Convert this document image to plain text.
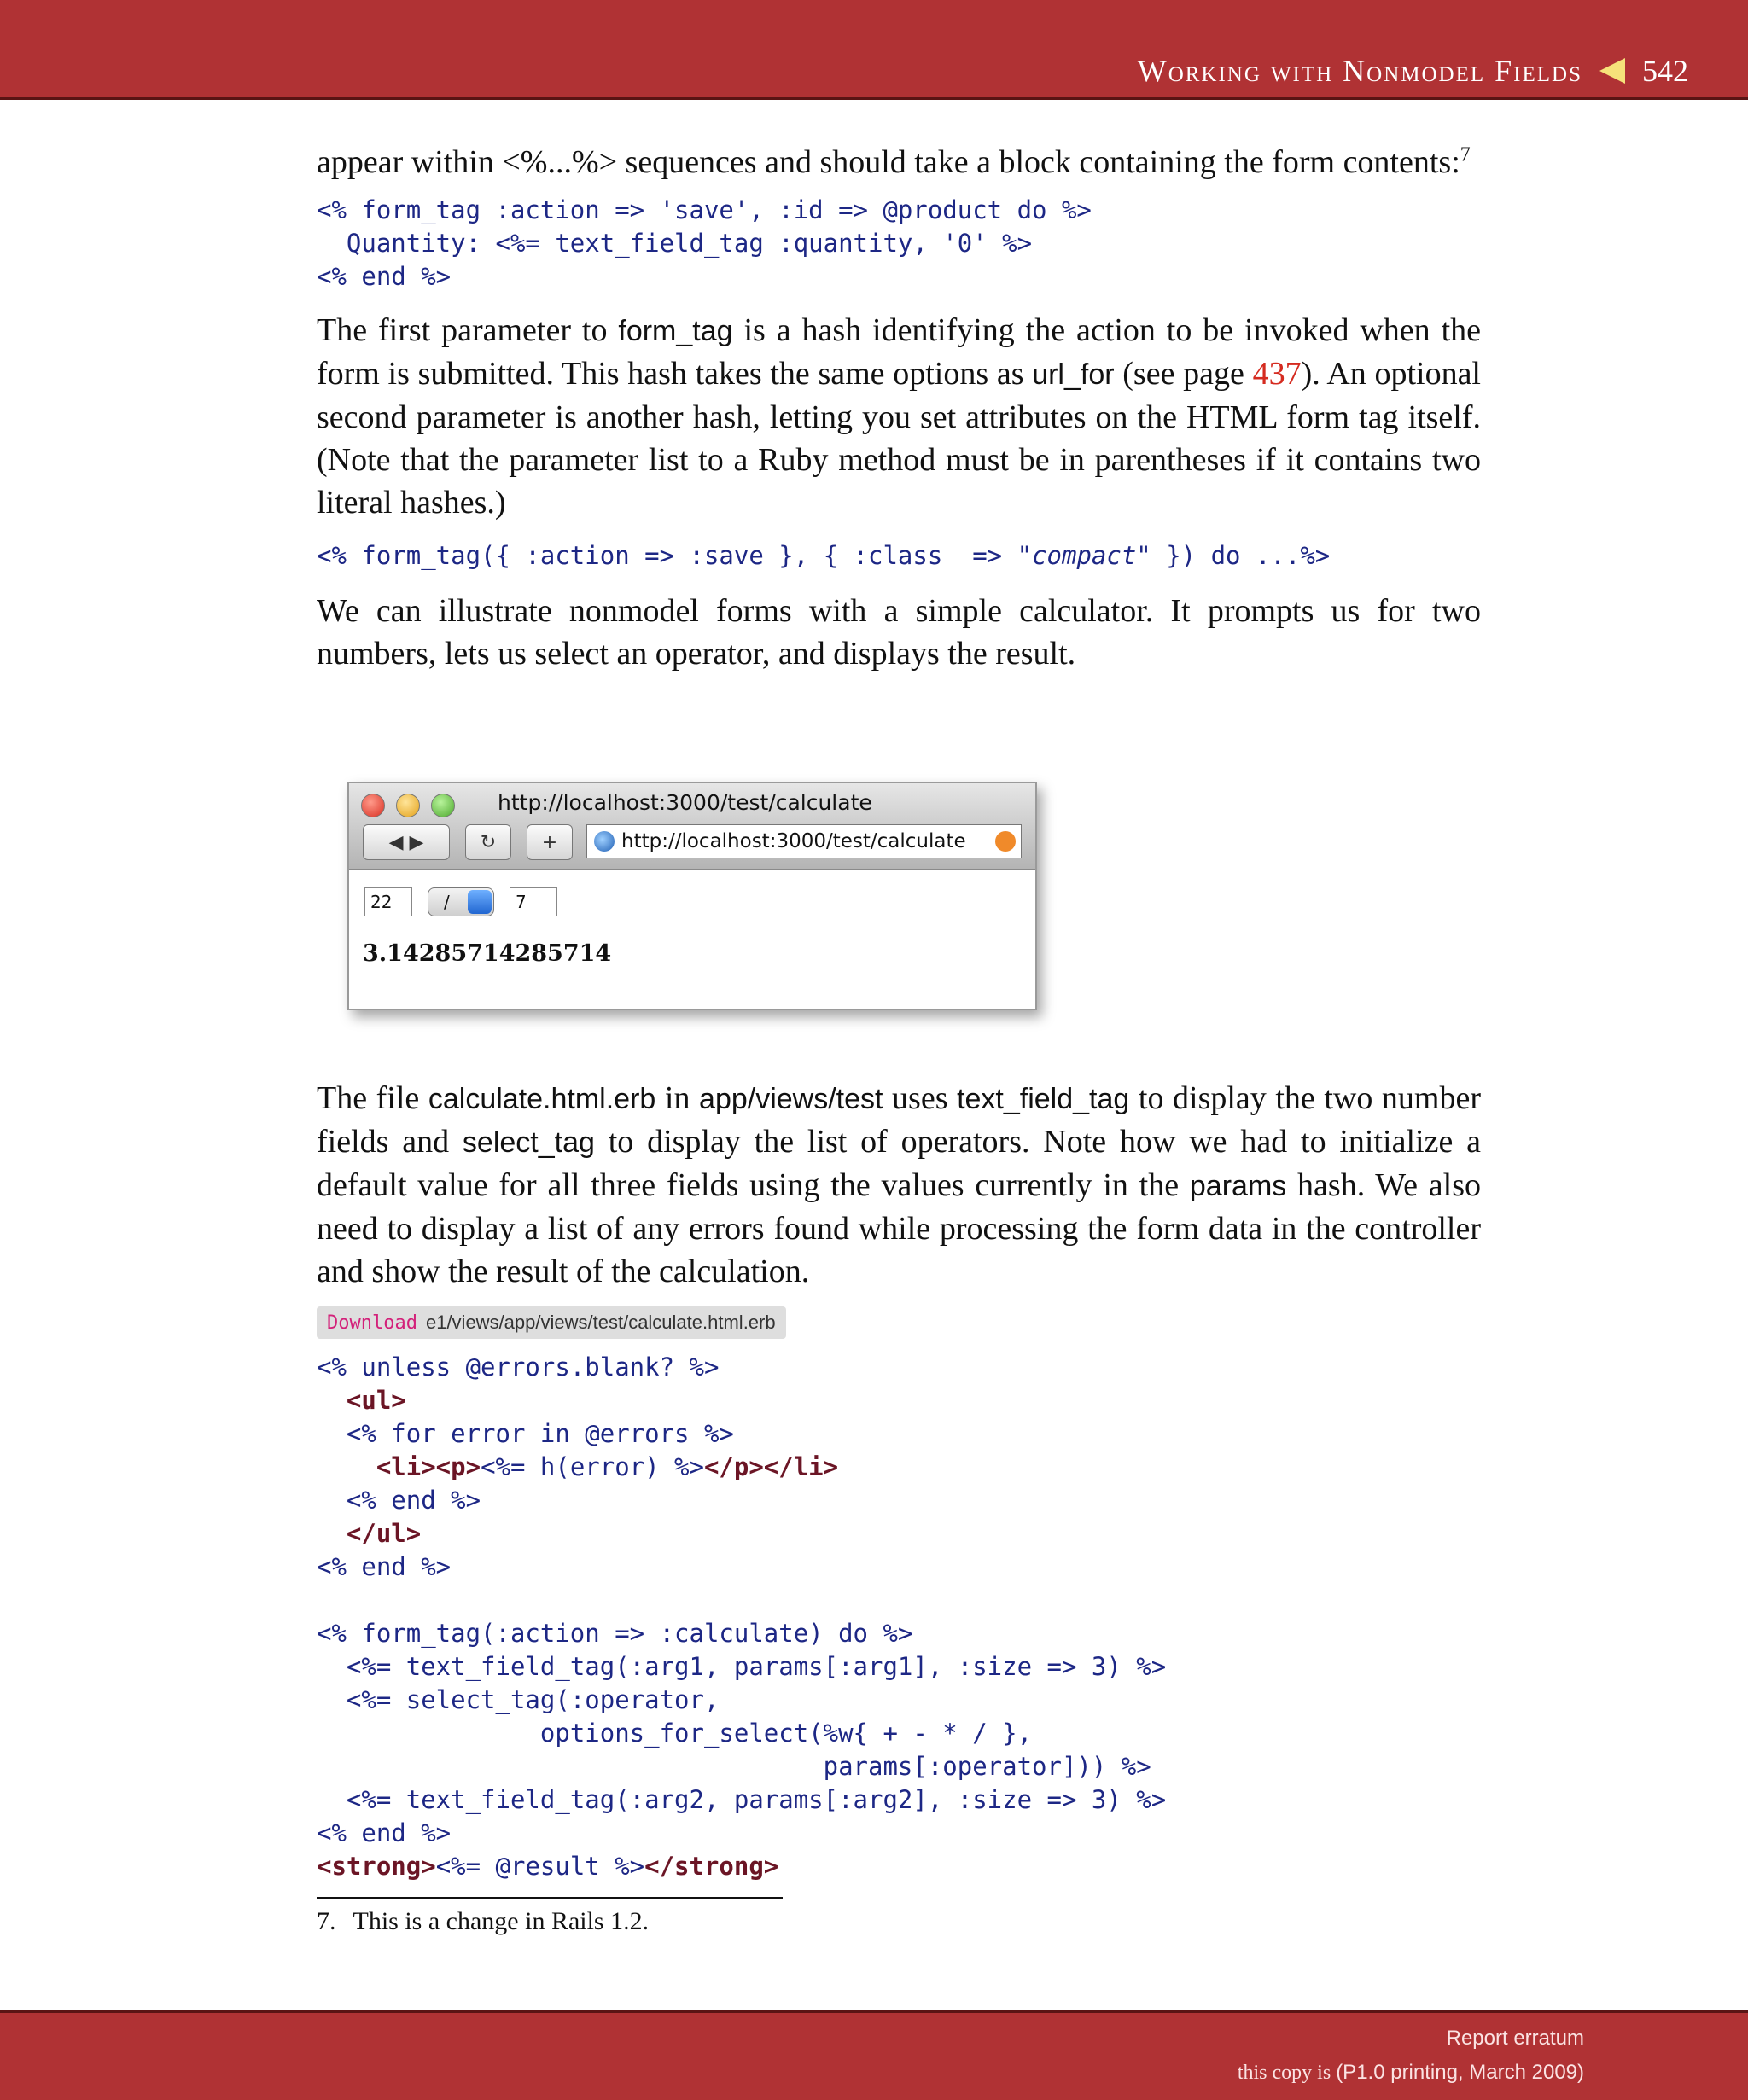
Working with Nonmodel Fields 542

appear within <%...%> sequences and should take a block containing the form contents:$^7$

<% form_tag :action => 'save', :id => @product do %>
Quantity: <%= text_field_tag :quantity, '0' %>
<% end %>

The first parameter to form_tag is a hash identifying the action to be invoked when the form is submitted. This hash takes the same options as url_for (see page 437). An optional second parameter is another hash, letting you set attributes on the HTML form tag itself. (Note that the parameter list to a Ruby method must be in parentheses if it contains two literal hashes.)

<% form_tag({ :action => :save }, { :class  => "compact" }) do ...%>

We can illustrate nonmodel forms with a simple calculator. It prompts us for two numbers, lets us select an operator, and displays the result.

http://localhost:3000/test/calculate
◀ ▶	↻	+	http://localhost:3000/test/calculate
22	/	7
3.14285714285714

The file calculate.html.erb in app/views/test uses text_field_tag to display the two number fields and select_tag to display the list of operators. Note how we had to initialize a default value for all three fields using the values currently in the params hash. We also need to display a list of any errors found while processing the form data in the controller and show the result of the calculation.

Download e1/views/app/views/test/calculate.html.erb
<% unless @errors.blank? %>
<ul>
<% for error in @errors %>
<li><p><%= h(error) %></p></li>
<% end %>
</ul>
<% end %>

<% form_tag(:action => :calculate) do %>
<%= text_field_tag(:arg1, params[:arg1], :size => 3) %>
<%= select_tag(:operator,
options_for_select(%w{ + - * / },
params[:operator])) %>
<%= text_field_tag(:arg2, params[:arg2], :size => 3) %>
<% end %>
<strong><%= @result %></strong>
7. This is a change in Rails 1.2.
Report erratum
this copy is (P1.0 printing, March 2009)
